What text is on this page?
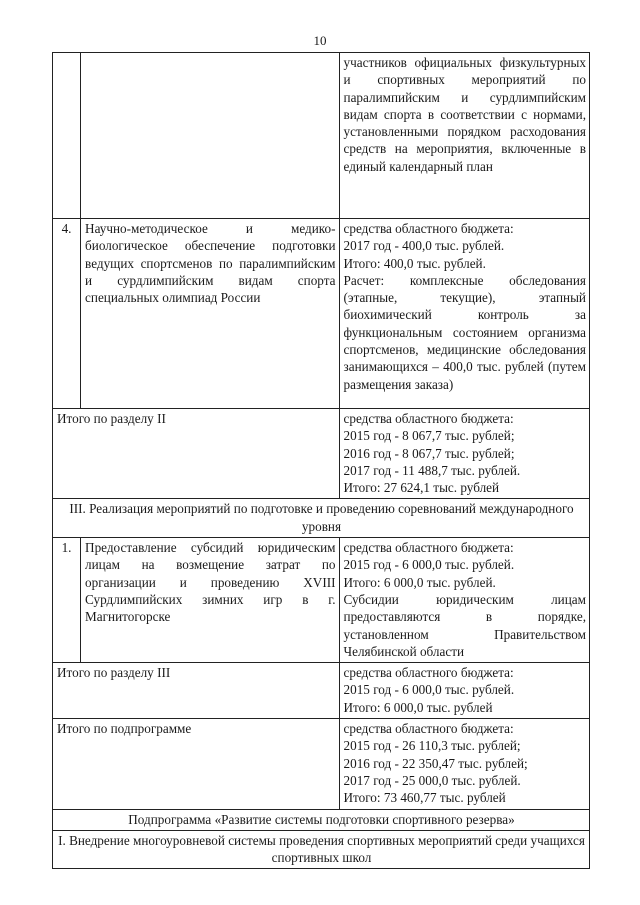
10

		участников официальных физкультурных и спортивных мероприятий по паралимпийским и сурдлимпийским видам спорта в соответствии с нормами, установленными порядком расходования средств на мероприятия, включенные в единый календарный план

4.	Научно-методическое и медико-биологическое обеспечение подготовки ведущих спортсменов по паралимпийским и сурдлимпийским видам спорта специальных олимпиад России	средства областного бюджета:
2017 год - 400,0 тыс. рублей.
Итого: 400,0 тыс. рублей.
Расчет: комплексные обследования (этапные, текущие), этапный биохимический контроль за функциональным состоянием организма спортсменов, медицинские обследования занимающихся – 400,0 тыс. рублей (путем размещения заказа)

Итого по разделу II		средства областного бюджета:
2015 год - 8 067,7 тыс. рублей;
2016 год - 8 067,7 тыс. рублей;
2017 год - 11 488,7 тыс. рублей.
Итого: 27 624,1 тыс. рублей

III. Реализация мероприятий по подготовке и проведению соревнований международного уровня		
1.	Предоставление субсидий юридическим лицам на возмещение затрат по организации и проведению XVIII Сурдлимпийских зимних игр в г. Магнитогорске	средства областного бюджета:
2015 год - 6 000,0 тыс. рублей.
Итого: 6 000,0 тыс. рублей.
Субсидии юридическим лицам предоставляются в порядке, установленном Правительством Челябинской области

Итого по разделу III		средства областного бюджета:
2015 год - 6 000,0 тыс. рублей.
Итого: 6 000,0 тыс. рублей

Итого по подпрограмме		средства областного бюджета:
2015 год - 26 110,3 тыс. рублей;
2016 год - 22 350,47 тыс. рублей;
2017 год - 25 000,0 тыс. рублей.
Итого: 73 460,77 тыс. рублей

Подпрограмма «Развитие системы подготовки спортивного резерва»		
I. Внедрение многоуровневой системы проведения спортивных мероприятий среди учащихся спортивных школ		
